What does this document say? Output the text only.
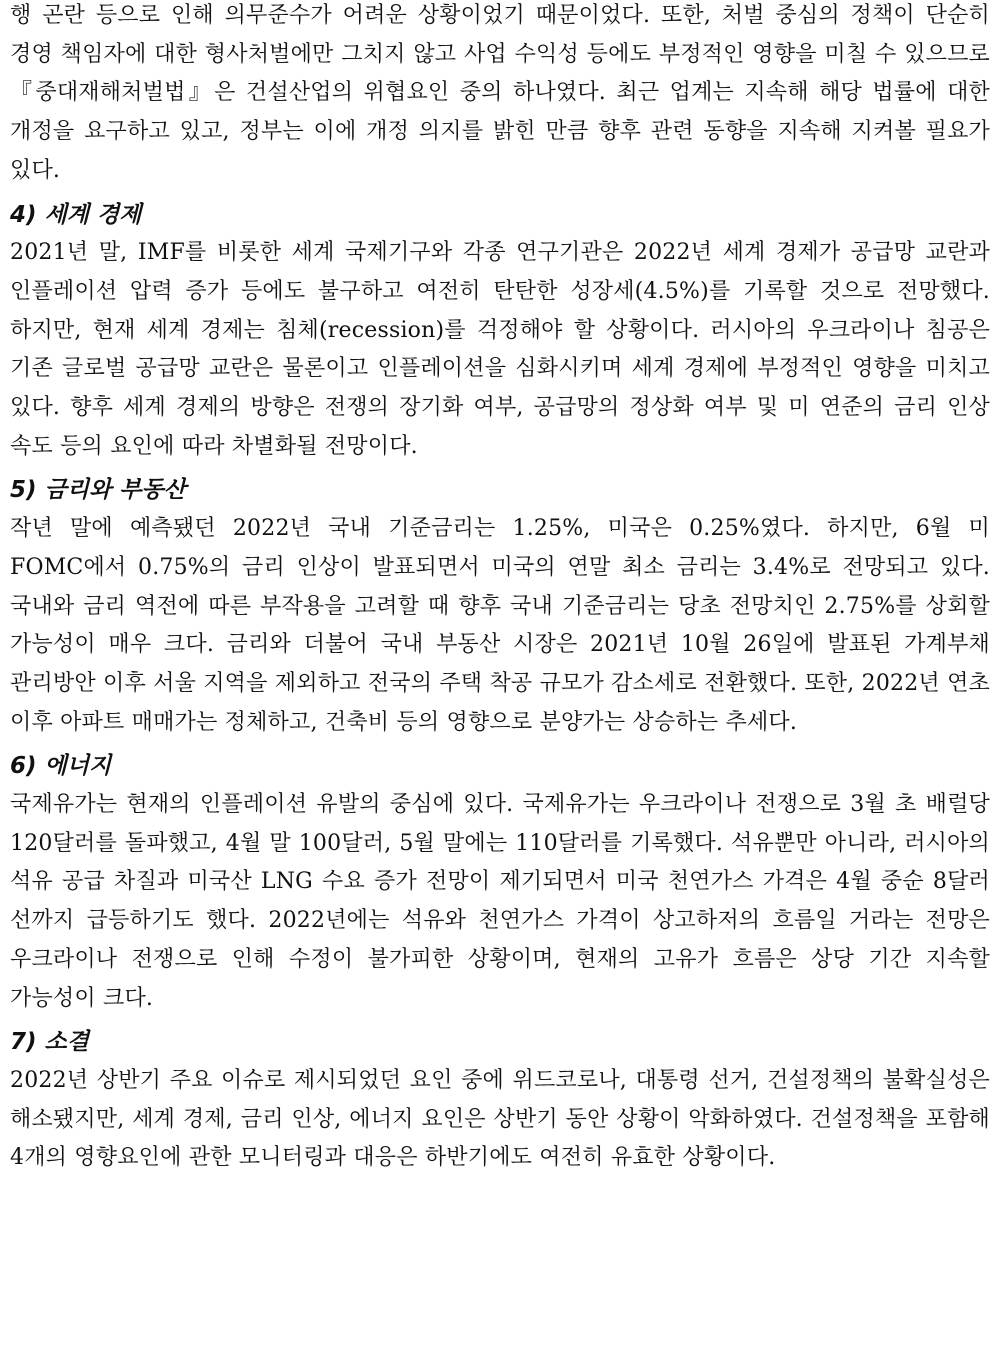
행 곤란 등으로 인해 의무준수가 어려운 상황이었기 때문이었다. 또한, 처벌 중심의 정책이 단순히 경영 책임자에 대한 형사처벌에만 그치지 않고 사업 수익성 등에도 부정적인 영향을 미칠 수 있으므로 『중대재해처벌법』은 건설산업의 위협요인 중의 하나였다. 최근 업계는 지속해 해당 법률에 대한 개정을 요구하고 있고, 정부는 이에 개정 의지를 밝힌 만큼 향후 관련 동향을 지속해 지켜볼 필요가 있다.

4) 세계 경제

2021년 말, IMF를 비롯한 세계 국제기구와 각종 연구기관은 2022년 세계 경제가 공급망 교란과 인플레이션 압력 증가 등에도 불구하고 여전히 탄탄한 성장세(4.5%)를 기록할 것으로 전망했다. 하지만, 현재 세계 경제는 침체(recession)를 걱정해야 할 상황이다. 러시아의 우크라이나 침공은 기존 글로벌 공급망 교란은 물론이고 인플레이션을 심화시키며 세계 경제에 부정적인 영향을 미치고 있다. 향후 세계 경제의 방향은 전쟁의 장기화 여부, 공급망의 정상화 여부 및 미 연준의 금리 인상 속도 등의 요인에 따라 차별화될 전망이다.

5) 금리와 부동산

작년 말에 예측됐던 2022년 국내 기준금리는 1.25%, 미국은 0.25%였다. 하지만, 6월 미 FOMC에서 0.75%의 금리 인상이 발표되면서 미국의 연말 최소 금리는 3.4%로 전망되고 있다. 국내와 금리 역전에 따른 부작용을 고려할 때 향후 국내 기준금리는 당초 전망치인 2.75%를 상회할 가능성이 매우 크다. 금리와 더불어 국내 부동산 시장은 2021년 10월 26일에 발표된 가계부채 관리방안 이후 서울 지역을 제외하고 전국의 주택 착공 규모가 감소세로 전환했다. 또한, 2022년 연초 이후 아파트 매매가는 정체하고, 건축비 등의 영향으로 분양가는 상승하는 추세다.

6) 에너지

국제유가는 현재의 인플레이션 유발의 중심에 있다. 국제유가는 우크라이나 전쟁으로 3월 초 배럴당 120달러를 돌파했고, 4월 말 100달러, 5월 말에는 110달러를 기록했다. 석유뿐만 아니라, 러시아의 석유 공급 차질과 미국산 LNG 수요 증가 전망이 제기되면서 미국 천연가스 가격은 4월 중순 8달러 선까지 급등하기도 했다. 2022년에는 석유와 천연가스 가격이 상고하저의 흐름일 거라는 전망은 우크라이나 전쟁으로 인해 수정이 불가피한 상황이며, 현재의 고유가 흐름은 상당 기간 지속할 가능성이 크다.

7) 소결

2022년 상반기 주요 이슈로 제시되었던 요인 중에 위드코로나, 대통령 선거, 건설정책의 불확실성은 해소됐지만, 세계 경제, 금리 인상, 에너지 요인은 상반기 동안 상황이 악화하였다. 건설정책을 포함해 4개의 영향요인에 관한 모니터링과 대응은 하반기에도 여전히 유효한 상황이다.
